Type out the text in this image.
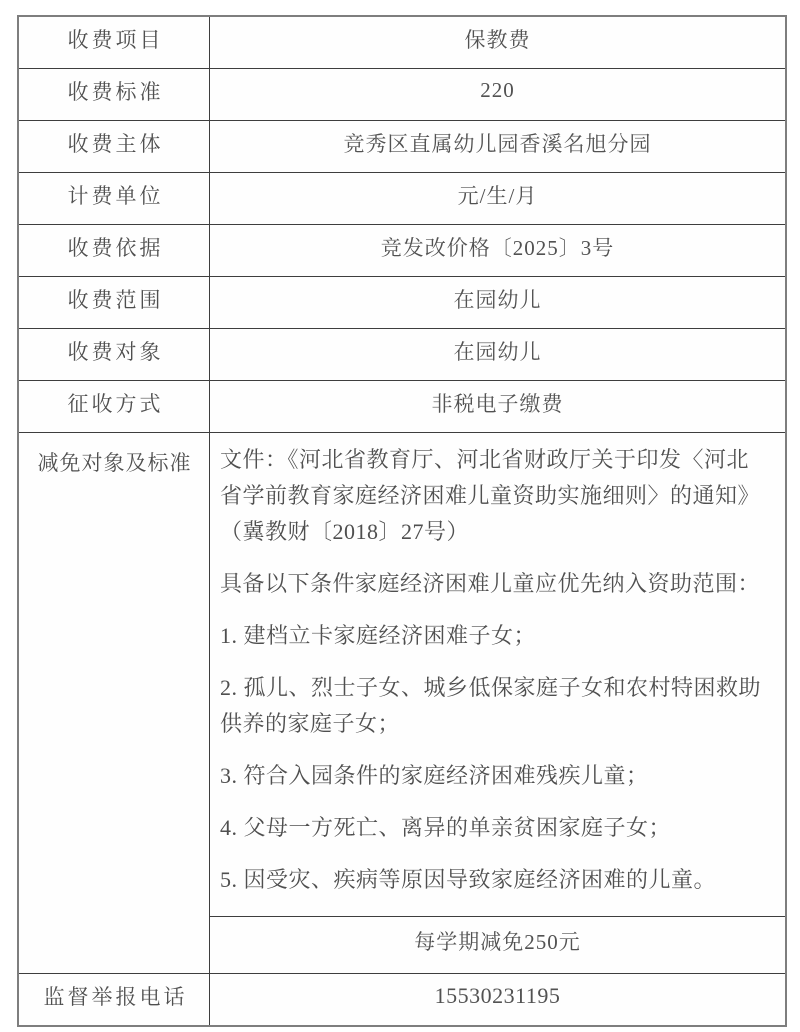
收费项目	保教费
收费标准	220
收费主体	竞秀区直属幼儿园香溪名旭分园
计费单位	元/生/月
收费依据	竞发改价格〔2025〕3号
收费范围	在园幼儿
收费对象	在园幼儿
征收方式	非税电子缴费
减免对象及标准	文件：《河北省教育厅、河北省财政厅关于印发〈河北省学前教育家庭经济困难儿童资助实施细则〉的通知》（冀教财〔2018〕27号）

具备以下条件家庭经济困难儿童应优先纳入资助范围：

1. 建档立卡家庭经济困难子女；

2. 孤儿、烈士子女、城乡低保家庭子女和农村特困救助供养的家庭子女；

3. 符合入园条件的家庭经济困难残疾儿童；

4. 父母一方死亡、离异的单亲贫困家庭子女；

5. 因受灾、疾病等原因导致家庭经济困难的儿童。

每学期减免250元
监督举报电话	15530231195
